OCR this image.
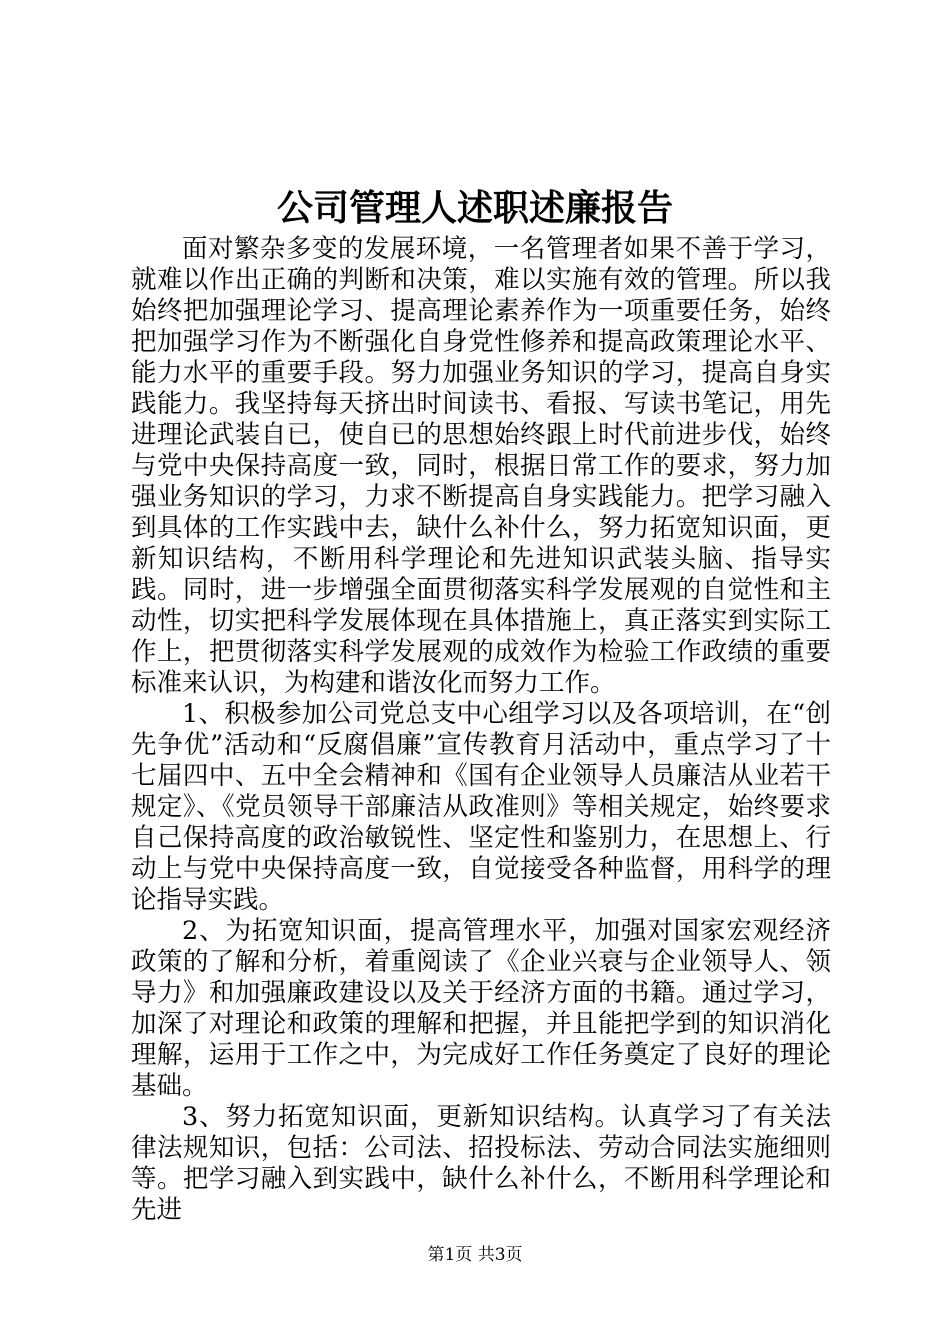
公司管理人述职述廉报告

面对繁杂多变的发展环境，一名管理者如果不善于学习，就难以作出正确的判断和决策，难以实施有效的管理。所以我始终把加强理论学习、提高理论素养作为一项重要任务，始终把加强学习作为不断强化自身党性修养和提高政策理论水平、能力水平的重要手段。努力加强业务知识的学习，提高自身实践能力。我坚持每天挤出时间读书、看报、写读书笔记，用先进理论武装自已，使自已的思想始终跟上时代前进步伐，始终与党中央保持高度一致，同时，根据日常工作的要求，努力加强业务知识的学习，力求不断提高自身实践能力。把学习融入到具体的工作实践中去，缺什么补什么，努力拓宽知识面，更新知识结构，不断用科学理论和先进知识武装头脑、指导实践。同时，进一步增强全面贯彻落实科学发展观的自觉性和主动性，切实把科学发展体现在具体措施上，真正落实到实际工作上，把贯彻落实科学发展观的成效作为检验工作政绩的重要标准来认识，为构建和谐汝化而努力工作。

1、积极参加公司党总支中心组学习以及各项培训，在“创先争优”活动和“反腐倡廉”宣传教育月活动中，重点学习了十七届四中、五中全会精神和《国有企业领导人员廉洁从业若干规定》、《党员领导干部廉洁从政准则》等相关规定，始终要求自己保持高度的政治敏锐性、坚定性和鉴别力，在思想上、行动上与党中央保持高度一致，自觉接受各种监督，用科学的理论指导实践。

2、为拓宽知识面，提高管理水平，加强对国家宏观经济政策的了解和分析，着重阅读了《企业兴衰与企业领导人、领导力》和加强廉政建设以及关于经济方面的书籍。通过学习，加深了对理论和政策的理解和把握，并且能把学到的知识消化理解，运用于工作之中，为完成好工作任务奠定了良好的理论基础。

3、努力拓宽知识面，更新知识结构。认真学习了有关法律法规知识，包括：公司法、招投标法、劳动合同法实施细则等。把学习融入到实践中，缺什么补什么，不断用科学理论和先进

第1页 共3页
